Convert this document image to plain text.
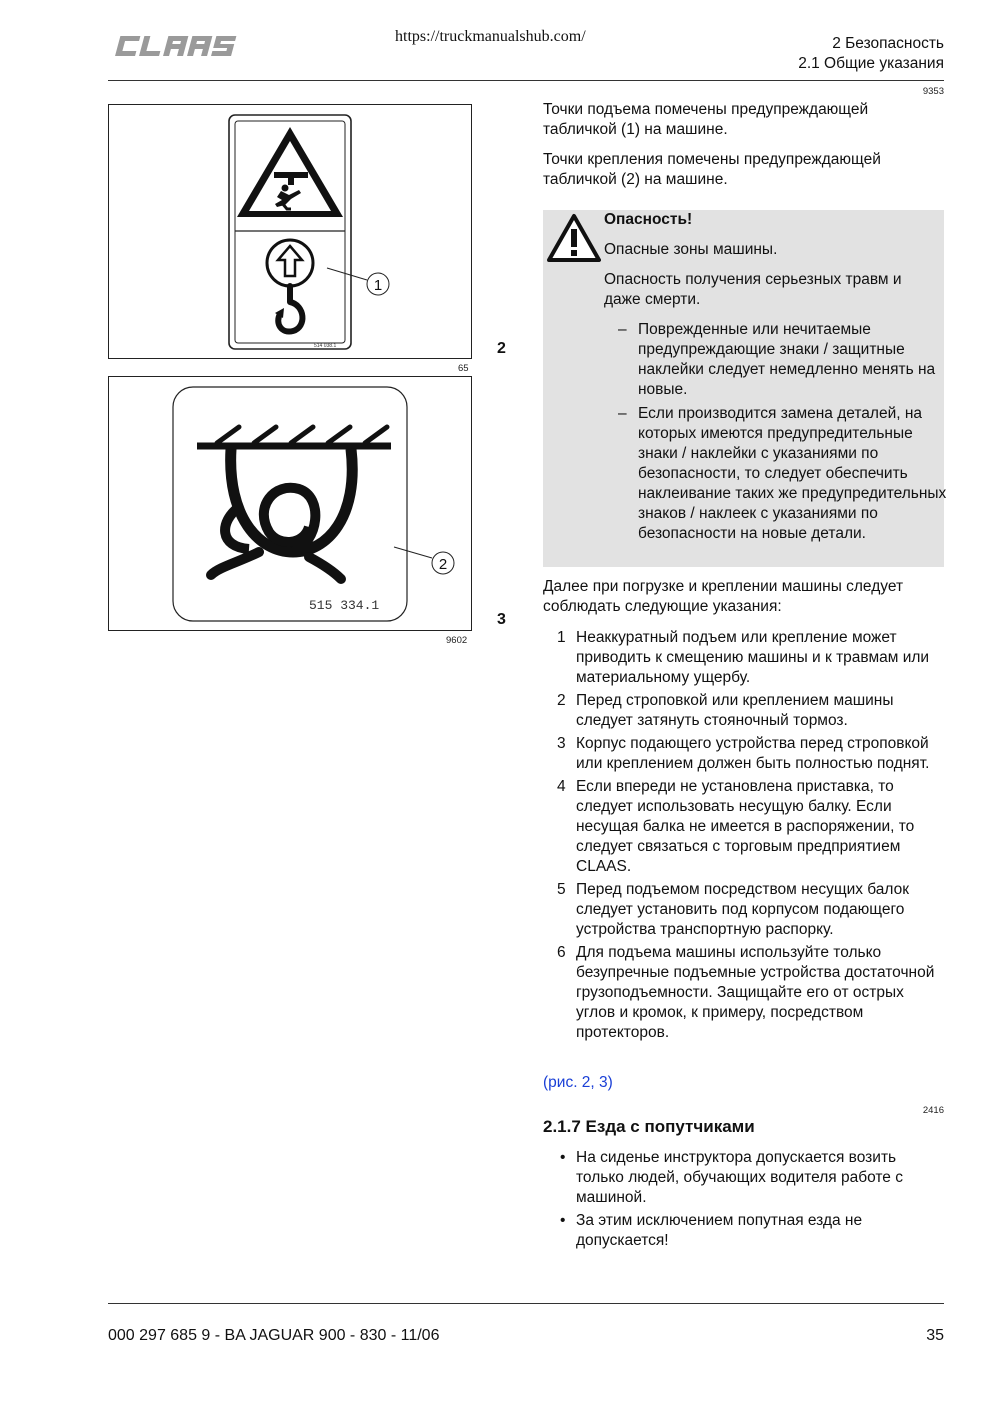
https://truckmanualshub.com/	2 Безопасность
2.1 Общие указания
9353
514 038.1
1
65
2
515 334.1
2
9602
3

Точки подъема помечены предупреждающей табличкой (1) на машине.

Точки крепления помечены предупреждающей табличкой (2) на машине.

Опасность!
Опасные зоны машины.
Опасность получения серьезных травм и даже смерти.
– Поврежденные или нечитаемые предупреждающие знаки / защитные наклейки следует немедленно менять на новые.
– Если производится замена деталей, на которых имеются предупредительные знаки / наклейки с указаниями по безопасности, то следует обеспечить наклеивание таких же предупредительных знаков / наклеек с указаниями по безопасности на новые детали.
Далее при погрузке и креплении машины следует соблюдать следующие указания:
1 Неаккуратный подъем или крепление может приводить к смещению машины и к травмам или материальному ущербу.
2 Перед строповкой или креплением машины следует затянуть стояночный тормоз.
3 Корпус подающего устройства перед строповкой или креплением должен быть полностью поднят.
4 Если впереди не установлена приставка, то следует использовать несущую балку. Если несущая балка не имеется в распоряжении, то следует связаться с торговым предприятием CLAAS.
5 Перед подъемом посредством несущих балок следует установить под корпусом подающего устройства транспортную распорку.
6 Для подъема машины используйте только безупречные подъемные устройства достаточной грузоподъемности. Защищайте его от острых углов и кромок, к примеру, посредством протекторов.
(рис. 2, 3)
2416
2.1.7 Езда с попутчиками
• На сиденье инструктора допускается возить только людей, обучающих водителя работе с машиной.
• За этим исключением попутная езда не допускается!
000 297 685 9 - BA JAGUAR 900 - 830 - 11/06	35
